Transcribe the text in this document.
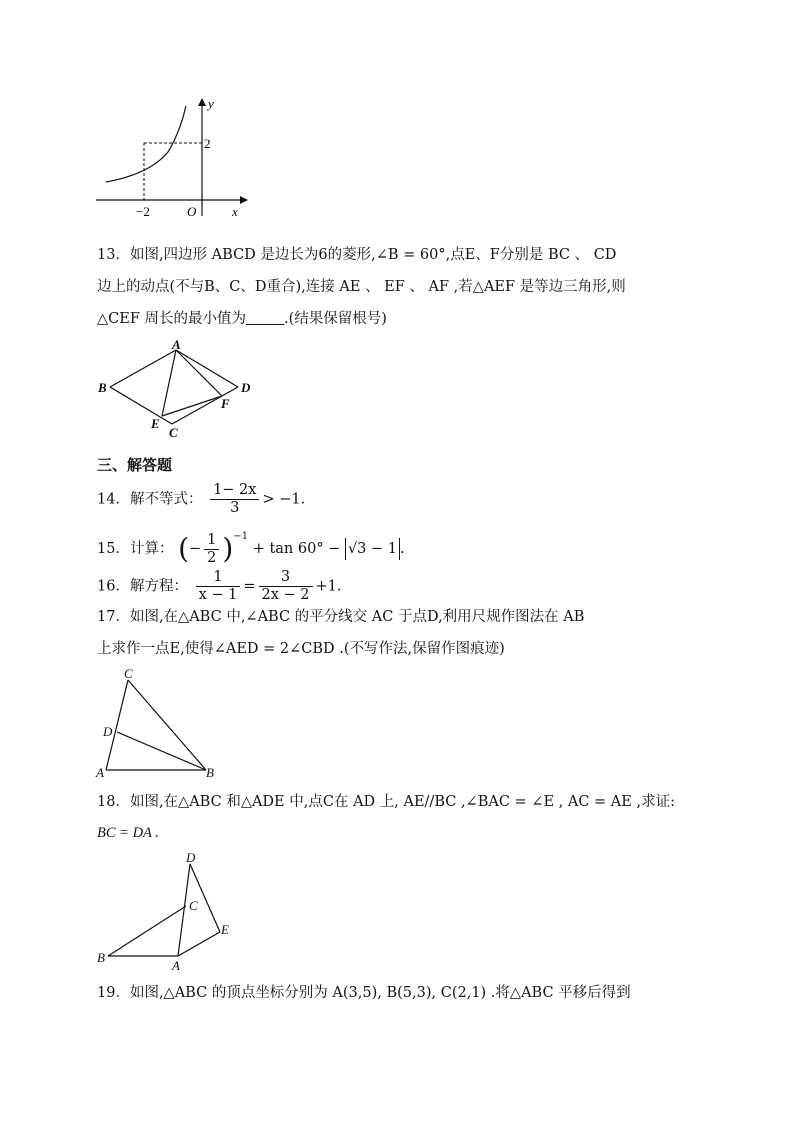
y
x
2
−2	O
13．如图,四边形 ABCD 是边长为6的菱形,∠B = 60°,点E、F分别是 BC 、 CD
边上的动点(不与B、C、D重合),连接 AE 、 EF 、 AF ,若△AEF 是等边三角形,则
△CEF 周长的最小值为	.(结果保留根号)
A
B	D
F
E
C
三、解答题
14．解不等式： $\frac{1- 2x}{3} > -1$.
15．计算： (− $\frac{1}{2} )^{-1} + \tan 60^\circ - √3 - 1$ .
16．解方程： $\frac{1}{x - 1} = \frac{3}{2x - 2} +1$.
17．如图,在△ABC 中,∠ABC 的平分线交 AC 于点D,利用尺规作图法在 AB
上求作一点E,使得∠AED = 2∠CBD .(不写作法,保留作图痕迹)
C
D
A	B
18．如图,在△ABC 和△ADE 中,点C在 AD 上, AE//BC ,∠BAC = ∠E , AC = AE ,求证:
BC = DA .
D
C
E
B
A
19．如图,△ABC 的顶点坐标分别为 A(3,5), B(5,3), C(2,1) .将△ABC 平移后得到
